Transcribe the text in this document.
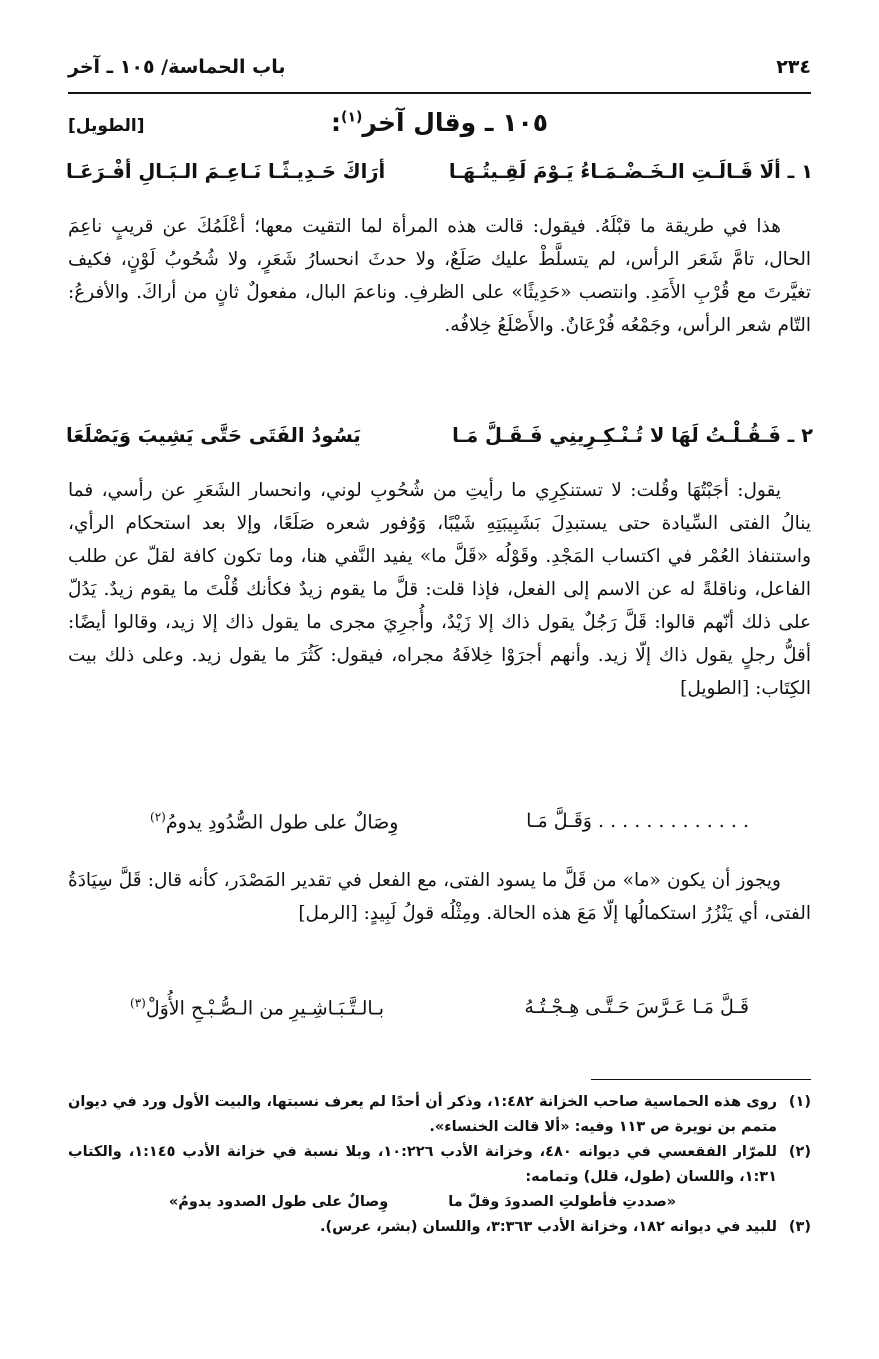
٢٣٤
باب الحماسة/ ١٠٥ ـ آخر
١٠٥ ـ وقال آخر$^{(١)}$:
[الطويل]
١ ـ ألَا قَـالَـتِ الـخَـضْـمَـاءُ يَـوْمَ لَقِـيتُـهَـا
أرَاكَ حَـدِيـثًـا نَـاعِـمَ الـبَـالِ أفْـرَعَـا

هذا في طريقة ما قبْلَهُ. فيقول: قالت هذه المرأة لما التقيت معها؛ أعْلَمُكَ عن قريبٍ ناعِمَ الحال، تامَّ شَعَر الرأس، لم يتسلَّطْ عليك صَلَعٌ، ولا حدثَ انحسارُ شَعَرٍ، ولا شُحُوبُ لَوْنٍ، فكيف تغيَّرتَ مع قُرْبِ الأَمَدِ. وانتصب «حَدِيثًا» على الظرفِ. وناعمَ البال، مفعولٌ ثانٍ من أراكَ. والأفرعُ: التّام شعر الرأس، وجَمْعُه فُرْعَانٌ. والأَصْلَعُ خِلافُه.

٢ ـ فَـقُـلْـتُ لَهَا لا تُـنْـكِـرِينِي فَـقَـلَّ مَـا
يَسُودُ الفَتَى حَتَّى يَشِيبَ وَيَصْلَعَا

يقول: أجَبْتُهَا وقُلت: لا تستنكِرِي ما رأيتِ من شُحُوبِ لوني، وانحسار الشَعَرِ عن رأسي، فما ينالُ الفتى السِّيادة حتى يستبدِلَ بَشَبِيبَتِهِ شَيْبًا، وَوُفور شعره صَلَعًا، وإلا بعد استحكام الرأي، واستنفاذ العُمْر في اكتساب المَجْدِ. وقَوْلُه «قَلَّ ما» يفيد النَّفي هنا، وما تكون كافة لقلّ عن طلب الفاعل، وناقلةً له عن الاسم إلى الفعل، فإذا قلت: قلَّ ما يقوم زيدٌ فكأنك قُلْتَ ما يقوم زيدٌ. يَدُلّ على ذلك أنّهم قالوا: قَلَّ رَجُلٌ يقول ذاك إلا زَيْدٌ، وأُجرِيَ مجرى ما يقول ذاك إلا زيد، وقالوا أيضًا: أقلُّ رجلٍ يقول ذاك إلّا زيد. وأنهم أجرَوْا خِلافَهُ مجراه، فيقول: كَثُرَ ما يقول زيد. وعلى ذلك بيت الكِتَاب: [الطويل]

. . . . . . . . . . . . . وَقَـلَّ مَـا
وِصَالٌ على طول الصُّدُودِ يدومُ$^{(٢)}$

ويجوز أن يكون «ما» من قَلَّ ما يسود الفتى، مع الفعل في تقدير المَصْدَر، كأنه قال: قَلَّ سِيَادَةُ الفتى، أي يَنْزُرُ استكمالُها إلّا مَعَ هذه الحالة. ومِثْلُه قولُ لَبِيدٍ: [الرمل]

قَـلَّ مَـا عَـرَّسَ حَـتَّـى هِـجْـتُـهُ
بـالـتَّـبَـاشِـيرِ من الـصُّـبْـحِ الأُوَلْ$^{(٣)}$
(١)
روى هذه الحماسية صاحب الخزانة ١:٤٨٢، وذكر أن أحدًا لم يعرف نسبتها، والبيت الأول ورد في ديوان متمم بن نويرة ص ١١٣ وفيه: «ألا قالت الخنساء».
(٢)
للمرّار الفقعسي في ديوانه ٤٨٠، وخزانة الأدب ١٠:٢٢٦، وبلا نسبة في خزانة الأدب ١:١٤٥، والكتاب ١:٣١، واللسان (طول، قلل) وتمامه:
«صددتِ فأطولتِ الصدودَ وقلّ ما
وِصالٌ على طول الصدود يدومُ»
(٣)
للبيد في ديوانه ١٨٢، وخزانة الأدب ٣:٣٦٣، واللسان (بشر، عرس).
